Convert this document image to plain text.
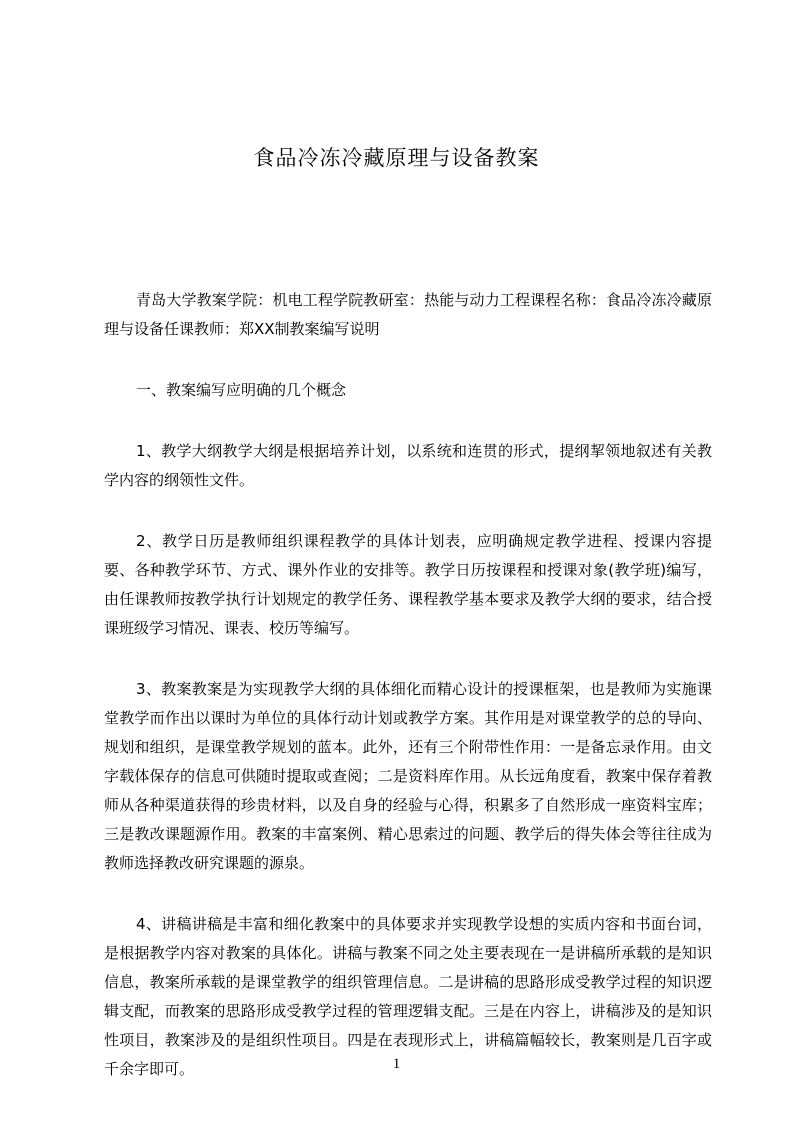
食品冷冻冷藏原理与设备教案

青岛大学教案学院：机电工程学院教研室：热能与动力工程课程名称：食品冷冻冷藏原理与设备任课教师：郑XX制教案编写说明

一、教案编写应明确的几个概念

1、教学大纲教学大纲是根据培养计划，以系统和连贯的形式，提纲挈领地叙述有关教学内容的纲领性文件。

2、教学日历是教师组织课程教学的具体计划表，应明确规定教学进程、授课内容提要、各种教学环节、方式、课外作业的安排等。教学日历按课程和授课对象(教学班)编写，由任课教师按教学执行计划规定的教学任务、课程教学基本要求及教学大纲的要求，结合授课班级学习情况、课表、校历等编写。

3、教案教案是为实现教学大纲的具体细化而精心设计的授课框架，也是教师为实施课堂教学而作出以课时为单位的具体行动计划或教学方案。其作用是对课堂教学的总的导向、规划和组织，是课堂教学规划的蓝本。此外，还有三个附带性作用：一是备忘录作用。由文字载体保存的信息可供随时提取或查阅；二是资料库作用。从长远角度看，教案中保存着教师从各种渠道获得的珍贵材料，以及自身的经验与心得，积累多了自然形成一座资料宝库；三是教改课题源作用。教案的丰富案例、精心思索过的问题、教学后的得失体会等往往成为教师选择教改研究课题的源泉。

4、讲稿讲稿是丰富和细化教案中的具体要求并实现教学设想的实质内容和书面台词，是根据教学内容对教案的具体化。讲稿与教案不同之处主要表现在一是讲稿所承载的是知识信息，教案所承载的是课堂教学的组织管理信息。二是讲稿的思路形成受教学过程的知识逻辑支配，而教案的思路形成受教学过程的管理逻辑支配。三是在内容上，讲稿涉及的是知识性项目，教案涉及的是组织性项目。四是在表现形式上，讲稿篇幅较长，教案则是几百字或千余字即可。	1
